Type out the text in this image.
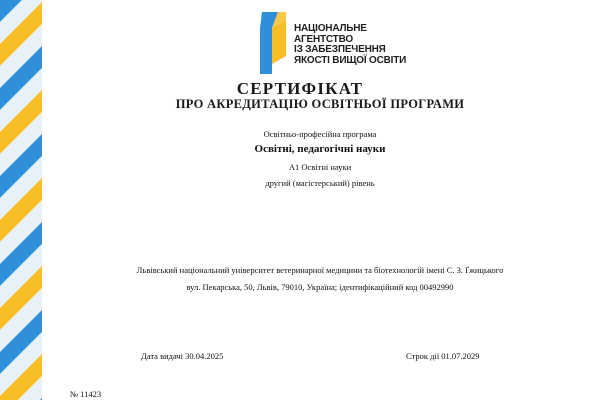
НАЦІОНАЛЬНЕ
АГЕНТСТВО
ІЗ ЗАБЕЗПЕЧЕННЯ
ЯКОСТІ ВИЩОЇ ОСВІТИ
СЕРТИФІКАТ
ПРО АКРЕДИТАЦІЮ ОСВІТНЬОЇ ПРОГРАМИ
Освітньо-професійна програма
Освітні, педагогічні науки
А1 Освітні науки
другий (магістерський) рівень
Львівський національний університет ветеринарної медицини та біотехнологій імені С. З. Ґжицького
вул. Пекарська, 50, Львів, 79010, Україна; ідентифікаційний код 00492990
Дата видачі 30.04.2025	Строк дії 01.07.2029
№ 11423
